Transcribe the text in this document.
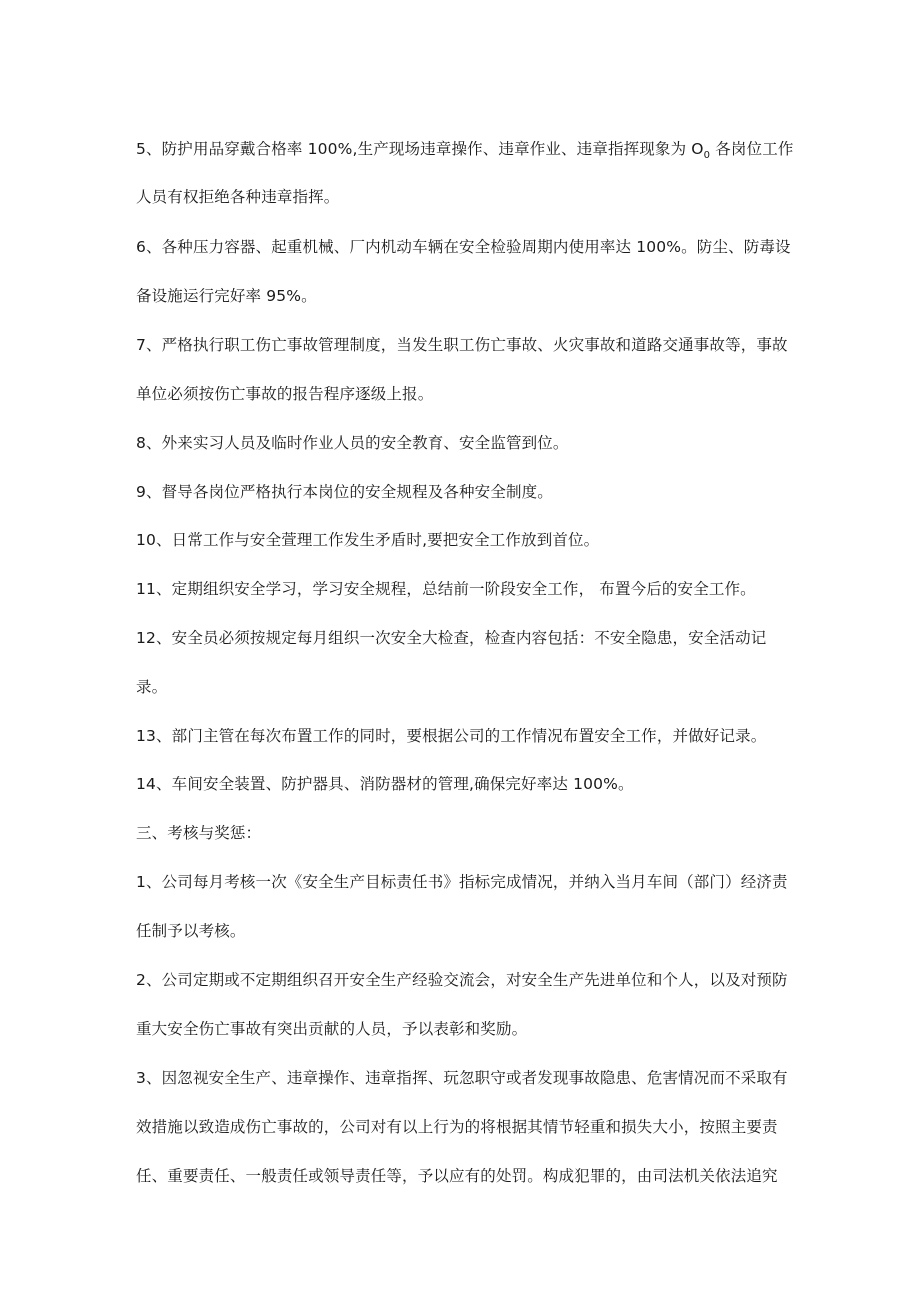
5、防护用品穿戴合格率 100%,生产现场违章操作、违章作业、违章指挥现象为 $O_0$ 各岗位工作
人员有权拒绝各种违章指挥。
6、各种压力容器、起重机械、厂内机动车辆在安全检验周期内使用率达 100%。防尘、防毒设
备设施运行完好率 95%。
7、严格执行职工伤亡事故管理制度，当发生职工伤亡事故、火灾事故和道路交通事故等，事故
单位必须按伤亡事故的报告程序逐级上报。
8、外来实习人员及临时作业人员的安全教育、安全监管到位。
9、督导各岗位严格执行本岗位的安全规程及各种安全制度。
10、日常工作与安全萱理工作发生矛盾时,要把安全工作放到首位。
11、定期组织安全学习，学习安全规程，总结前一阶段安全工作， 布置今后的安全工作。
12、安全员必须按规定每月组织一次安全大检查，检查内容包括：不安全隐患，安全活动记
录。
13、部门主管在每次布置工作的同时，要根据公司的工作情况布置安全工作，并做好记录。
14、车间安全装置、防护器具、消防器材的管理,确保完好率达 100%。
三、考核与奖惩：
1、公司每月考核一次《安全生产目标责任书》指标完成情况，并纳入当月车间（部门）经济责
任制予以考核。
2、公司定期或不定期组织召开安全生产经验交流会，对安全生产先进单位和个人，以及对预防
重大安全伤亡事故有突出贡献的人员，予以表彰和奖励。
3、因忽视安全生产、违章操作、违章指挥、玩忽职守或者发现事故隐患、危害情况而不采取有
效措施以致造成伤亡事故的，公司对有以上行为的将根据其情节轻重和损失大小，按照主要责
任、重要责任、一般责任或领导责任等，予以应有的处罚。构成犯罪的，由司法机关依法追究
